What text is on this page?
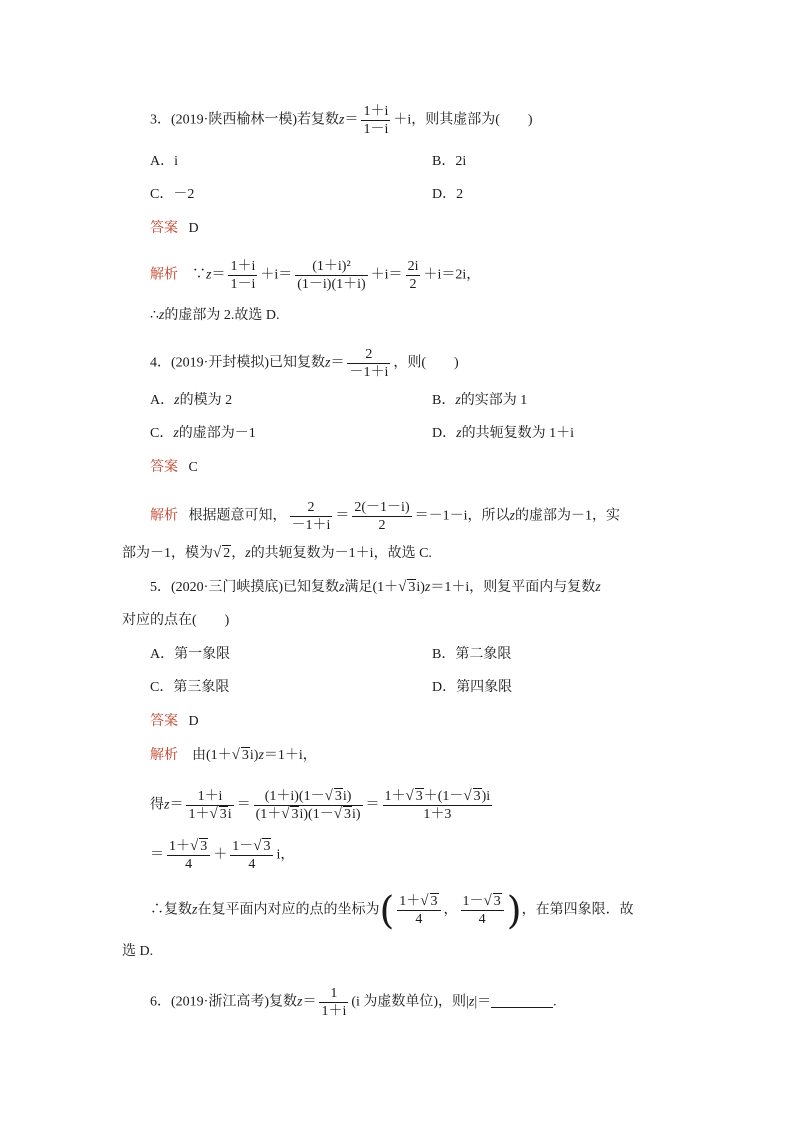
3．(2019·陕西榆林一模)若复数$z= \frac{1+i}{1-i} +i$，则其虚部为(　　)
A．i	B．2i
C．－2	D．2
答案 D
解析 ∵z＝ $\frac{1+i}{1-i} +i= \frac{\text{(1＋i)²}}{(1-i)(1+i)} +i= \frac{2i}{2} +i=2i$，
∴z的虚部为 2.故选 D.
4．(2019·开封模拟)已知复数$z= \frac{2}{-1+i}$ ，则(　　)
A．z的模为 2	B．z的实部为 1
C．z的虚部为－1	D．z的共轭复数为 1＋i
答案 C
解析 根据题意可知， $\frac{2}{-1+i} = \frac{2(-1-i)}{2} =-1-i$，所以z的虚部为－1，实
部为－1，模为√ 2，z的共轭复数为－1＋i，故选 C.
5．(2020·三门峡摸底)已知复数z满足(1＋√ 3i)z＝1＋i，则复平面内与复数z
对应的点在(　　)
A．第一象限	B．第二象限
C．第三象限	D．第四象限
答案 D
解析 由(1＋√ 3i)z＝1＋i，
得$z= \frac{1+i}{1+√ 3i} = \frac{(1+i)(1-√ 3i)}{(1+√ 3i)(1-√ 3i)} = \frac{1+√ 3+(1-√ 3)i}{1+3}$
＝ $\frac{1+√ 3}{4} + \frac{1-√ 3}{4}$ i，
∴复数z在复平面内对应的点的坐标为( $\frac{1+√ 3}{4}$ ， $\frac{1-√ 3}{4}$ )，在第四象限．故
选 D.
6．(2019·浙江高考)复数$z= \frac{1}{1+i} (i$ 为虚数单位)，则|z|＝	.
